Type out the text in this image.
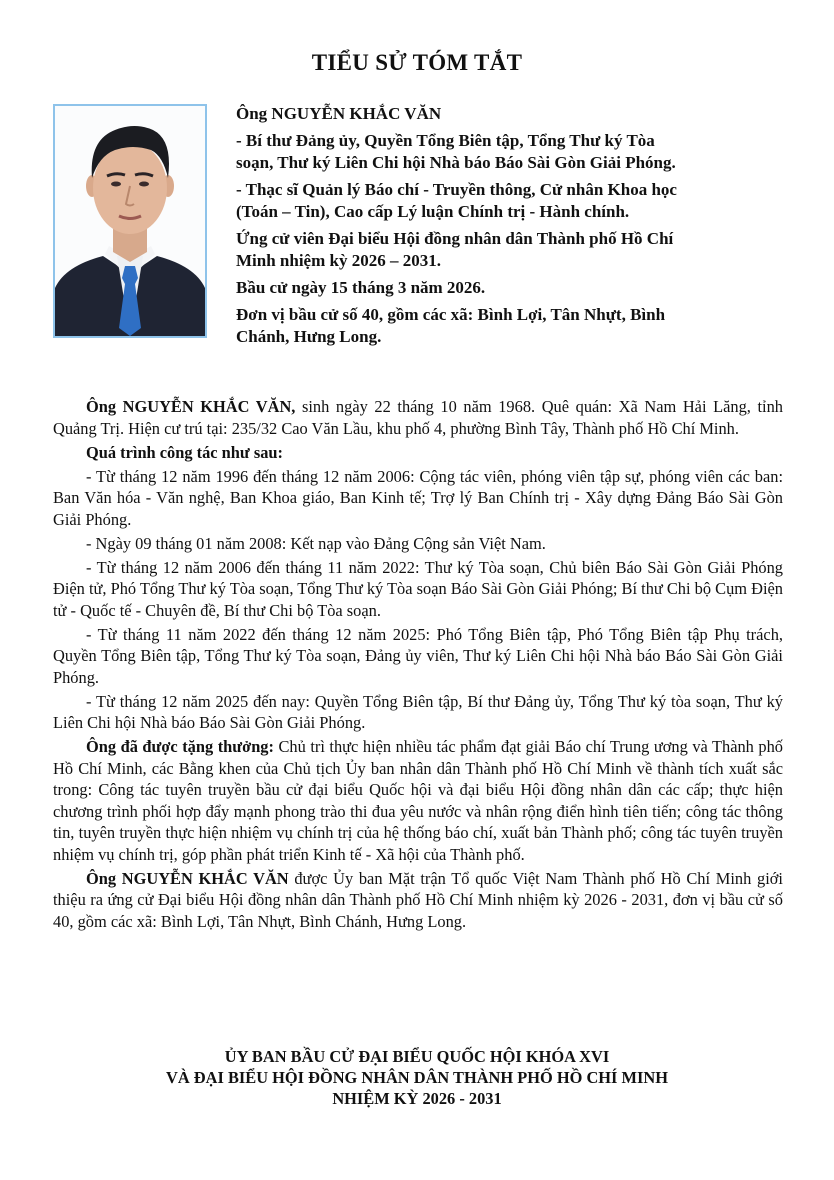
TIỂU SỬ TÓM TẮT

Ông NGUYỄN KHẮC VĂN

- Bí thư Đảng ủy, Quyền Tổng Biên tập, Tổng Thư ký Tòa soạn, Thư ký Liên Chi hội Nhà báo Báo Sài Gòn Giải Phóng.

- Thạc sĩ Quản lý Báo chí - Truyền thông, Cử nhân Khoa học (Toán – Tin), Cao cấp Lý luận Chính trị - Hành chính.

Ứng cử viên Đại biểu Hội đồng nhân dân Thành phố Hồ Chí Minh nhiệm kỳ 2026 – 2031.

Bầu cử ngày 15 tháng 3 năm 2026.

Đơn vị bầu cử số 40, gồm các xã: Bình Lợi, Tân Nhựt, Bình Chánh, Hưng Long.

Ông NGUYỄN KHẮC VĂN, sinh ngày 22 tháng 10 năm 1968. Quê quán: Xã Nam Hải Lăng, tỉnh Quảng Trị. Hiện cư trú tại: 235/32 Cao Văn Lầu, khu phố 4, phường Bình Tây, Thành phố Hồ Chí Minh.

Quá trình công tác như sau:

- Từ tháng 12 năm 1996 đến tháng 12 năm 2006: Cộng tác viên, phóng viên tập sự, phóng viên các ban: Ban Văn hóa - Văn nghệ, Ban Khoa giáo, Ban Kinh tế; Trợ lý Ban Chính trị - Xây dựng Đảng Báo Sài Gòn Giải Phóng.

- Ngày 09 tháng 01 năm 2008: Kết nạp vào Đảng Cộng sản Việt Nam.

- Từ tháng 12 năm 2006 đến tháng 11 năm 2022: Thư ký Tòa soạn, Chủ biên Báo Sài Gòn Giải Phóng Điện tử, Phó Tổng Thư ký Tòa soạn, Tổng Thư ký Tòa soạn Báo Sài Gòn Giải Phóng; Bí thư Chi bộ Cụm Điện tử - Quốc tế - Chuyên đề, Bí thư Chi bộ Tòa soạn.

- Từ tháng 11 năm 2022 đến tháng 12 năm 2025: Phó Tổng Biên tập, Phó Tổng Biên tập Phụ trách, Quyền Tổng Biên tập, Tổng Thư ký Tòa soạn, Đảng ủy viên, Thư ký Liên Chi hội Nhà báo Báo Sài Gòn Giải Phóng.

- Từ tháng 12 năm 2025 đến nay: Quyền Tổng Biên tập, Bí thư Đảng ủy, Tổng Thư ký tòa soạn, Thư ký Liên Chi hội Nhà báo Báo Sài Gòn Giải Phóng.

Ông đã được tặng thưởng: Chủ trì thực hiện nhiều tác phẩm đạt giải Báo chí Trung ương và Thành phố Hồ Chí Minh, các Bằng khen của Chủ tịch Ủy ban nhân dân Thành phố Hồ Chí Minh về thành tích xuất sắc trong: Công tác tuyên truyền bầu cử đại biểu Quốc hội và đại biểu Hội đồng nhân dân các cấp; thực hiện chương trình phối hợp đẩy mạnh phong trào thi đua yêu nước và nhân rộng điển hình tiên tiến; công tác thông tin, tuyên truyền thực hiện nhiệm vụ chính trị của hệ thống báo chí, xuất bản Thành phố; công tác tuyên truyền nhiệm vụ chính trị, góp phần phát triển Kinh tế - Xã hội của Thành phố.

Ông NGUYỄN KHẮC VĂN được Ủy ban Mặt trận Tổ quốc Việt Nam Thành phố Hồ Chí Minh giới thiệu ra ứng cử Đại biểu Hội đồng nhân dân Thành phố Hồ Chí Minh nhiệm kỳ 2026 - 2031, đơn vị bầu cử số 40, gồm các xã: Bình Lợi, Tân Nhựt, Bình Chánh, Hưng Long.

ỦY BAN BẦU CỬ ĐẠI BIỂU QUỐC HỘI KHÓA XVI
VÀ ĐẠI BIỂU HỘI ĐỒNG NHÂN DÂN THÀNH PHỐ HỒ CHÍ MINH
NHIỆM KỲ 2026 - 2031
